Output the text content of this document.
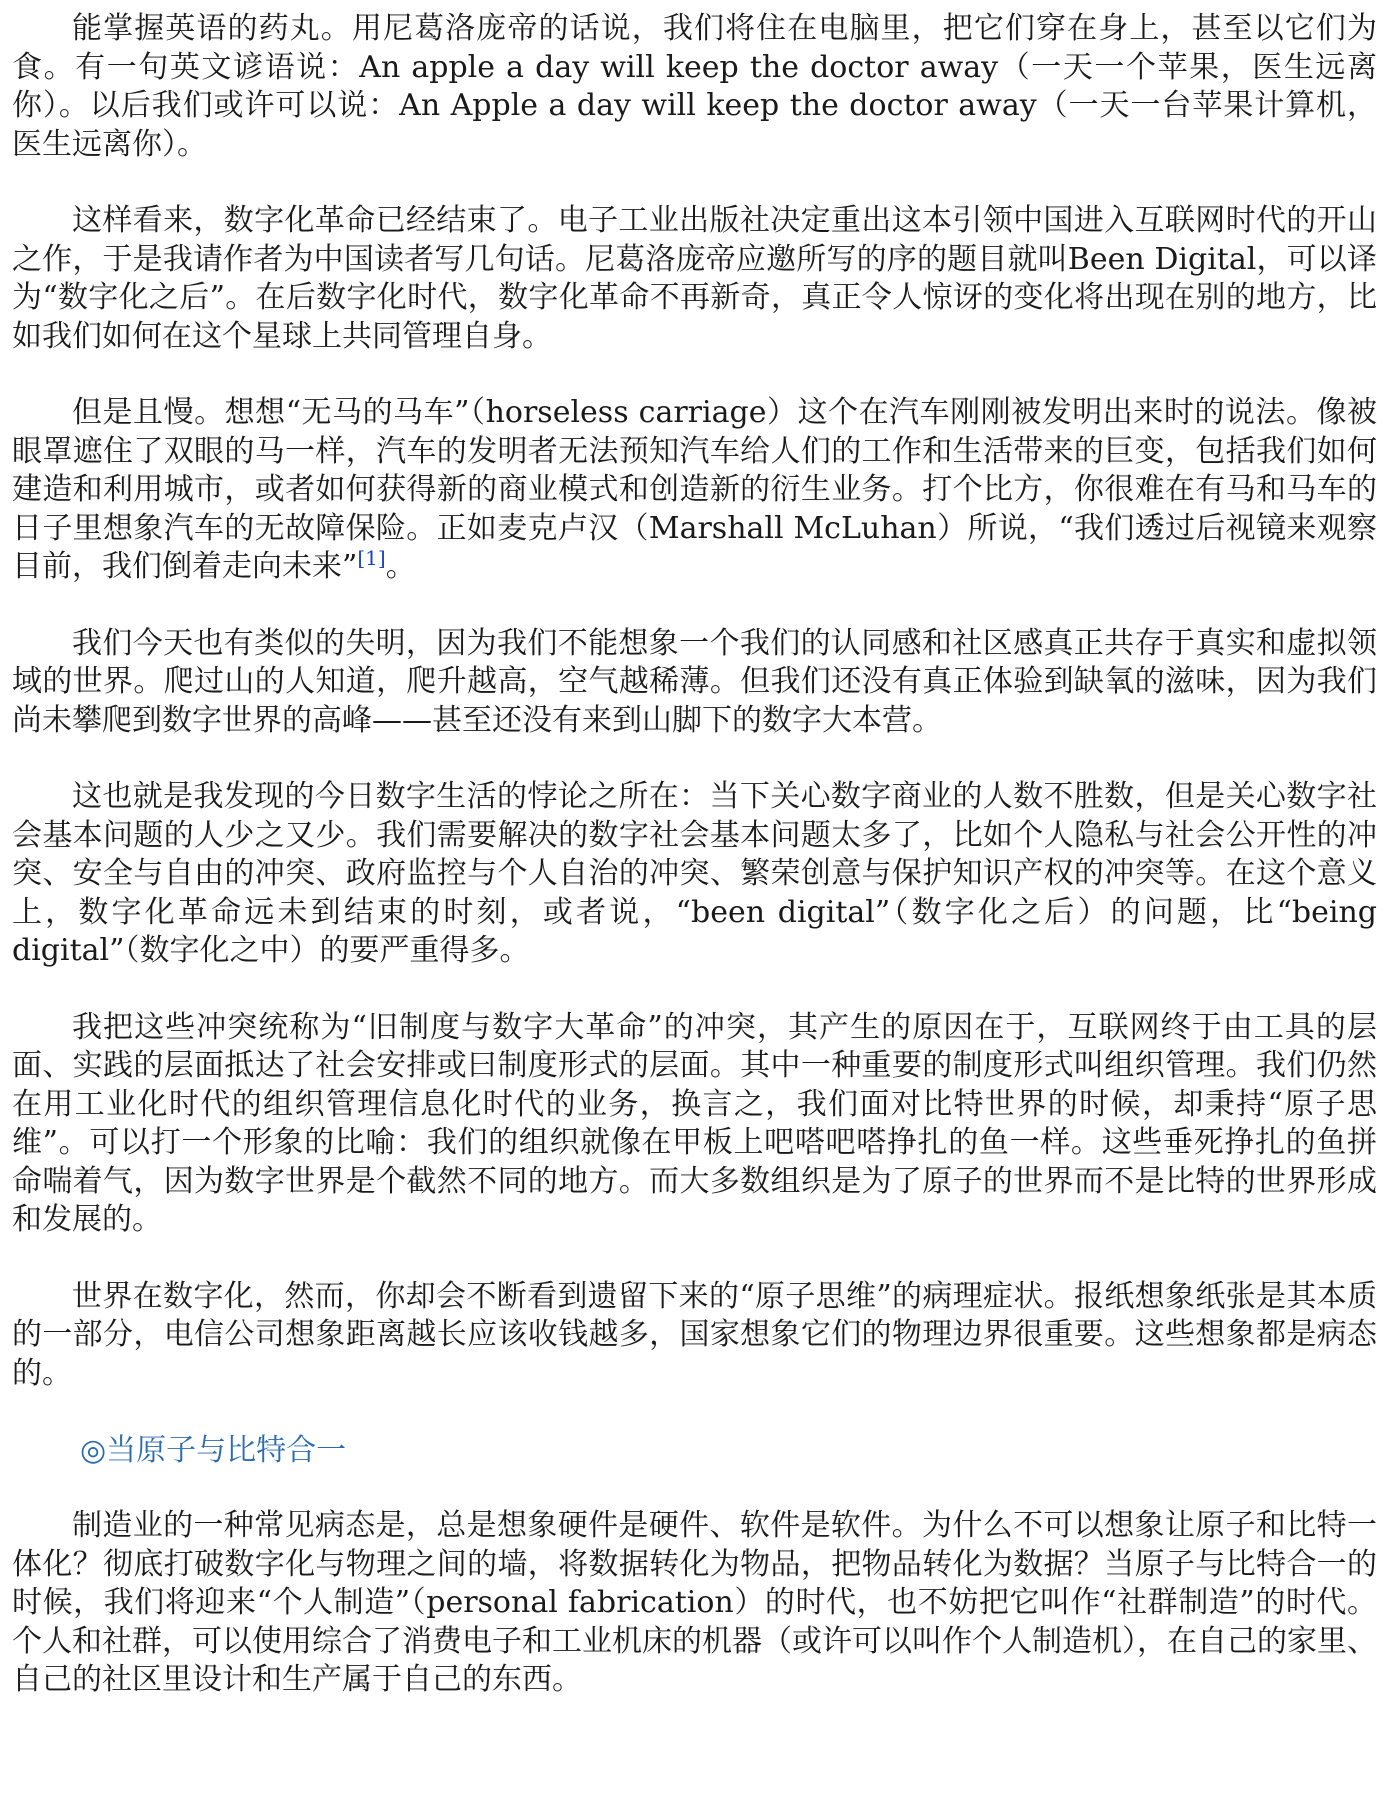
能掌握英语的药丸。用尼葛洛庞帝的话说，我们将住在电脑里，把它们穿在身上，甚至以它们为食。有一句英文谚语说：An apple a day will keep the doctor away（一天一个苹果，医生远离你）。以后我们或许可以说：An Apple a day will keep the doctor away（一天一台苹果计算机，医生远离你）。

这样看来，数字化革命已经结束了。电子工业出版社决定重出这本引领中国进入互联网时代的开山之作，于是我请作者为中国读者写几句话。尼葛洛庞帝应邀所写的序的题目就叫Been Digital，可以译为“数字化之后”。在后数字化时代，数字化革命不再新奇，真正令人惊讶的变化将出现在别的地方，比如我们如何在这个星球上共同管理自身。

但是且慢。想想“无马的马车”（horseless carriage）这个在汽车刚刚被发明出来时的说法。像被眼罩遮住了双眼的马一样，汽车的发明者无法预知汽车给人们的工作和生活带来的巨变，包括我们如何建造和利用城市，或者如何获得新的商业模式和创造新的衍生业务。打个比方，你很难在有马和马车的日子里想象汽车的无故障保险。正如麦克卢汉（Marshall McLuhan）所说，“我们透过后视镜来观察目前，我们倒着走向未来”[1]。

我们今天也有类似的失明，因为我们不能想象一个我们的认同感和社区感真正共存于真实和虚拟领域的世界。爬过山的人知道，爬升越高，空气越稀薄。但我们还没有真正体验到缺氧的滋味，因为我们尚未攀爬到数字世界的高峰——甚至还没有来到山脚下的数字大本营。

这也就是我发现的今日数字生活的悖论之所在：当下关心数字商业的人数不胜数，但是关心数字社会基本问题的人少之又少。我们需要解决的数字社会基本问题太多了，比如个人隐私与社会公开性的冲突、安全与自由的冲突、政府监控与个人自治的冲突、繁荣创意与保护知识产权的冲突等。在这个意义上，数字化革命远未到结束的时刻，或者说，“been digital”（数字化之后）的问题，比“being digital”（数字化之中）的要严重得多。

我把这些冲突统称为“旧制度与数字大革命”的冲突，其产生的原因在于，互联网终于由工具的层面、实践的层面抵达了社会安排或曰制度形式的层面。其中一种重要的制度形式叫组织管理。我们仍然在用工业化时代的组织管理信息化时代的业务，换言之，我们面对比特世界的时候，却秉持“原子思维”。可以打一个形象的比喻：我们的组织就像在甲板上吧嗒吧嗒挣扎的鱼一样。这些垂死挣扎的鱼拼命喘着气，因为数字世界是个截然不同的地方。而大多数组织是为了原子的世界而不是比特的世界形成和发展的。

世界在数字化，然而，你却会不断看到遗留下来的“原子思维”的病理症状。报纸想象纸张是其本质的一部分，电信公司想象距离越长应该收钱越多，国家想象它们的物理边界很重要。这些想象都是病态的。

◎当原子与比特合一

制造业的一种常见病态是，总是想象硬件是硬件、软件是软件。为什么不可以想象让原子和比特一体化？彻底打破数字化与物理之间的墙，将数据转化为物品，把物品转化为数据？当原子与比特合一的时候，我们将迎来“个人制造”（personal fabrication）的时代，也不妨把它叫作“社群制造”的时代。个人和社群，可以使用综合了消费电子和工业机床的机器（或许可以叫作个人制造机），在自己的家里、自己的社区里设计和生产属于自己的东西。
